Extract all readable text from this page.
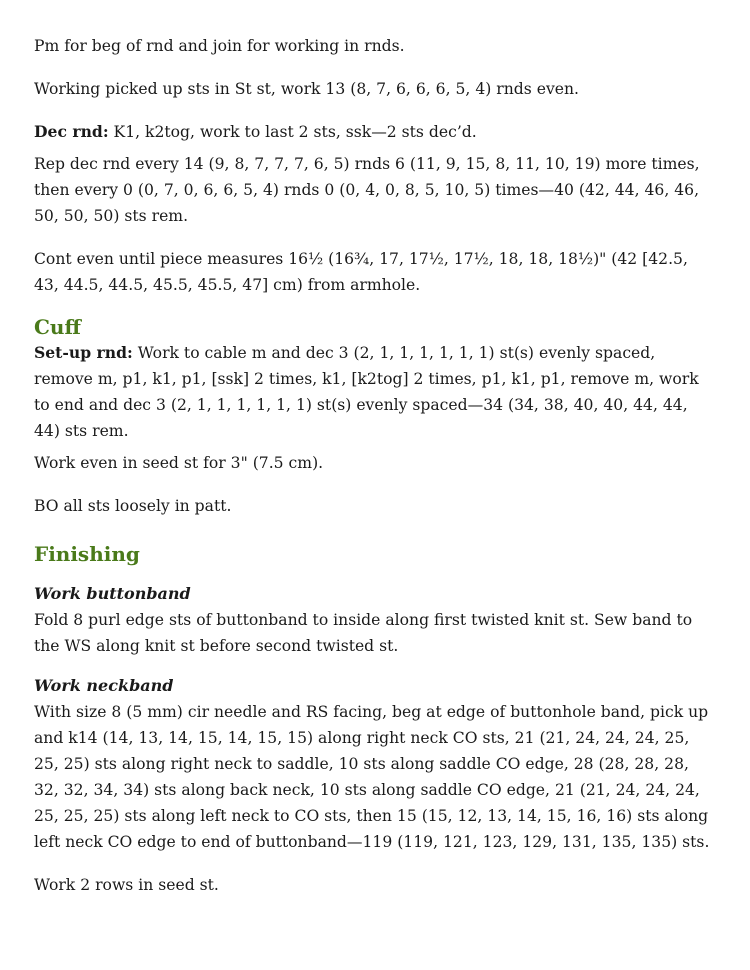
Pm for beg of rnd and join for working in rnds.

Working picked up sts in St st, work 13 (8, 7, 6, 6, 6, 5, 4) rnds even.

Dec rnd: K1, k2tog, work to last 2 sts, ssk—2 sts dec’d.

Rep dec rnd every 14 (9, 8, 7, 7, 7, 6, 5) rnds 6 (11, 9, 15, 8, 11, 10, 19) more times, then every 0 (0, 7, 0, 6, 6, 5, 4) rnds 0 (0, 4, 0, 8, 5, 10, 5) times—40 (42, 44, 46, 46, 50, 50, 50) sts rem.

Cont even until piece measures 16½ (16¾, 17, 17½, 17½, 18, 18, 18½)" (42 [42.5, 43, 44.5, 44.5, 45.5, 45.5, 47] cm) from armhole.

Cuff

Set-up rnd: Work to cable m and dec 3 (2, 1, 1, 1, 1, 1, 1) st(s) evenly spaced, remove m, p1, k1, p1, [ssk] 2 times, k1, [k2tog] 2 times, p1, k1, p1, remove m, work to end and dec 3 (2, 1, 1, 1, 1, 1, 1) st(s) evenly spaced—34 (34, 38, 40, 40, 44, 44, 44) sts rem.

Work even in seed st for 3" (7.5 cm).

BO all sts loosely in patt.

Finishing
Work buttonband

Fold 8 purl edge sts of buttonband to inside along first twisted knit st. Sew band to the WS along knit st before second twisted st.

Work neckband

With size 8 (5 mm) cir needle and RS facing, beg at edge of buttonhole band, pick up and k14 (14, 13, 14, 15, 14, 15, 15) along right neck CO sts, 21 (21, 24, 24, 24, 25, 25, 25) sts along right neck to saddle, 10 sts along saddle CO edge, 28 (28, 28, 28, 32, 32, 34, 34) sts along back neck, 10 sts along saddle CO edge, 21 (21, 24, 24, 24, 25, 25, 25) sts along left neck to CO sts, then 15 (15, 12, 13, 14, 15, 16, 16) sts along left neck CO edge to end of buttonband—119 (119, 121, 123, 129, 131, 135, 135) sts.

Work 2 rows in seed st.
